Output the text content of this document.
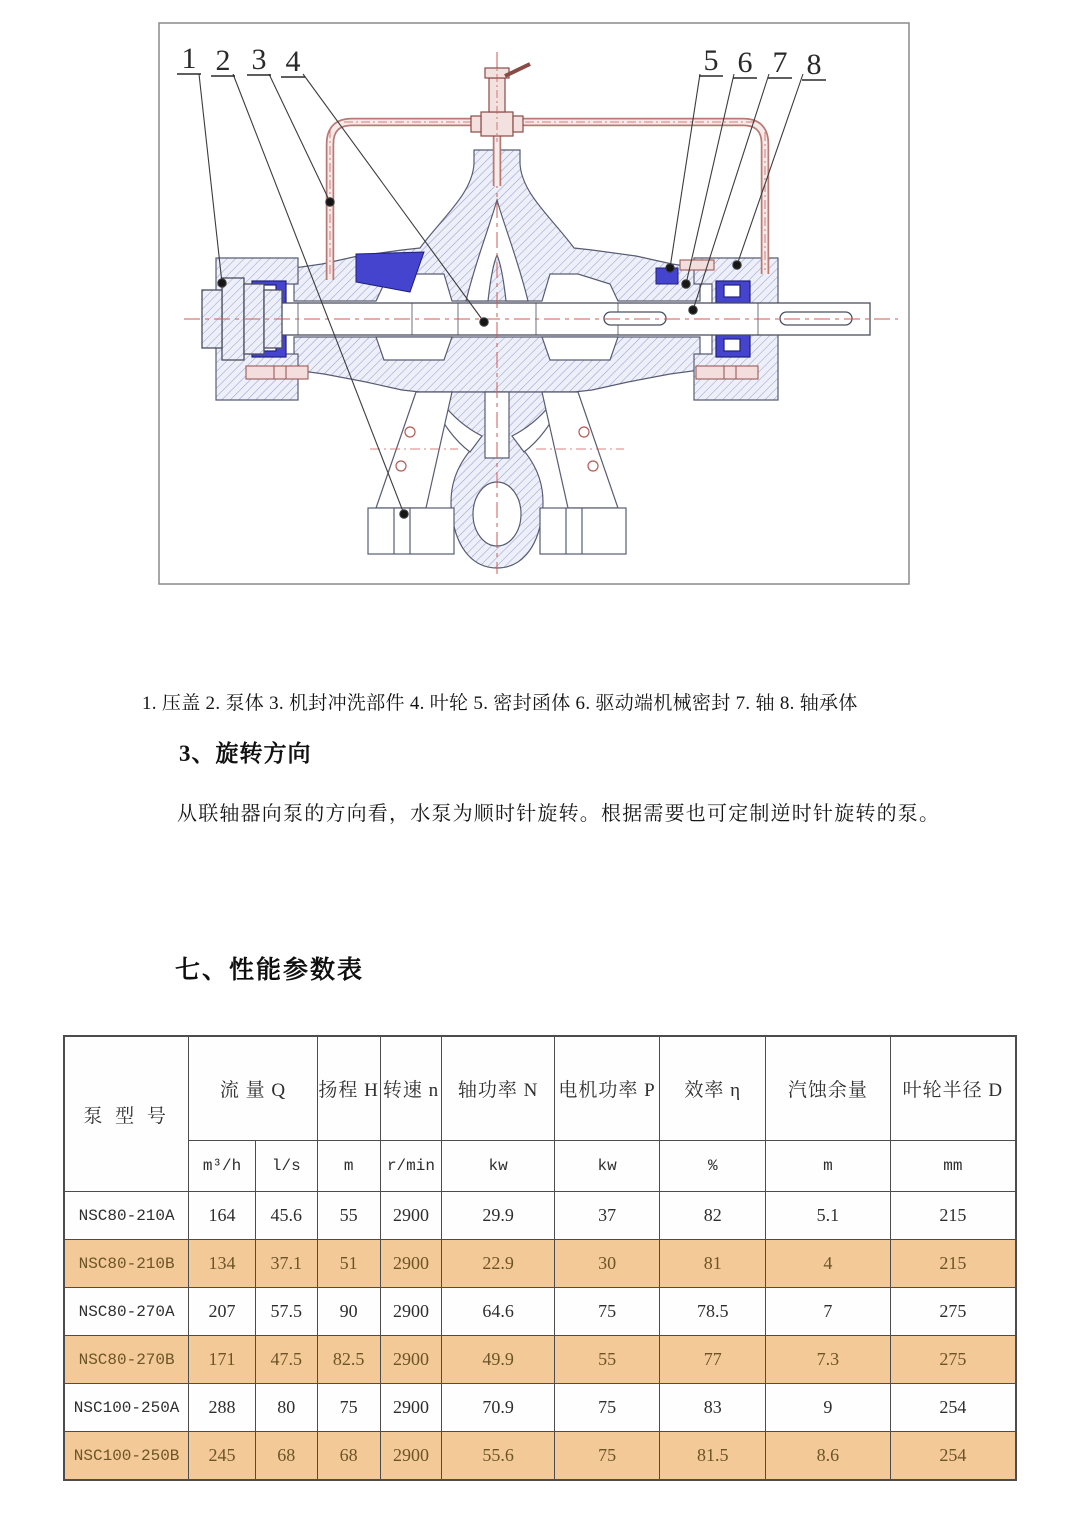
1 2 3 4	5 6 7 8
1. 压盖 2. 泵体 3. 机封冲洗部件 4. 叶轮 5. 密封函体 6. 驱动端机械密封 7. 轴 8. 轴承体
3、旋转方向

从联轴器向泵的方向看，水泵为顺时针旋转。根据需要也可定制逆时针旋转的泵。

七、性能参数表
泵 型 号	流 量 Q		扬程 H	转速 n	轴功率 N	电机功率 P	效率 η	汽蚀余量	叶轮半径 D
	m³/h	l/s	m	r/min	kw	kw	%	m	mm
NSC80-210A	164	45.6	55	2900	29.9	37	82	5.1	215
NSC80-210B	134	37.1	51	2900	22.9	30	81	4	215
NSC80-270A	207	57.5	90	2900	64.6	75	78.5	7	275
NSC80-270B	171	47.5	82.5	2900	49.9	55	77	7.3	275
NSC100-250A	288	80	75	2900	70.9	75	83	9	254
NSC100-250B	245	68	68	2900	55.6	75	81.5	8.6	254
